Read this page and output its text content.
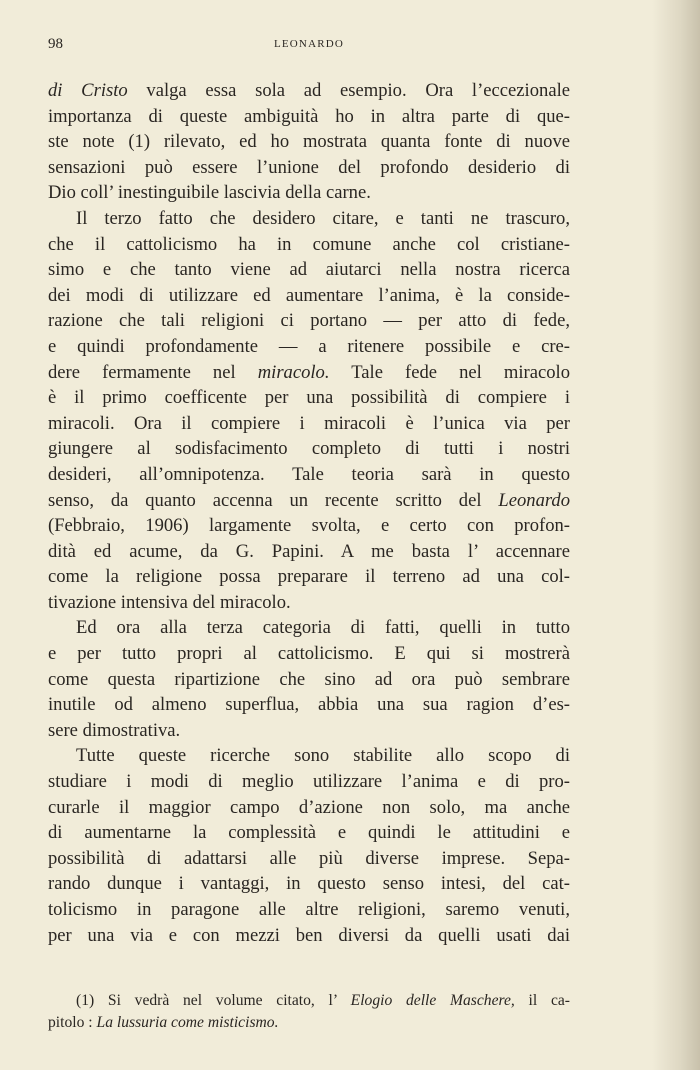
98	LEONARDO
di Cristo valga essa sola ad esempio. Ora l’eccezionale
importanza di queste ambiguità ho in altra parte di que-
ste note (1) rilevato, ed ho mostrata quanta fonte di nuove
sensazioni può essere l’unione del profondo desiderio di
Dio coll’ inestinguibile lascivia della carne.
Il terzo fatto che desidero citare, e tanti ne trascuro,
che il cattolicismo ha in comune anche col cristiane-
simo e che tanto viene ad aiutarci nella nostra ricerca
dei modi di utilizzare ed aumentare l’anima, è la conside-
razione che tali religioni ci portano — per atto di fede,
e quindi profondamente — a ritenere possibile e cre-
dere fermamente nel miracolo. Tale fede nel miracolo
è il primo coefficente per una possibilità di compiere i
miracoli. Ora il compiere i miracoli è l’unica via per
giungere al sodisfacimento completo di tutti i nostri
desideri, all’omnipotenza. Tale teoria sarà in questo
senso, da quanto accenna un recente scritto del Leonardo
(Febbraio, 1906) largamente svolta, e certo con profon-
dità ed acume, da G. Papini. A me basta l’ accennare
come la religione possa preparare il terreno ad una col-
tivazione intensiva del miracolo.
Ed ora alla terza categoria di fatti, quelli in tutto
e per tutto propri al cattolicismo. E qui si mostrerà
come questa ripartizione che sino ad ora può sembrare
inutile od almeno superflua, abbia una sua ragion d’es-
sere dimostrativa.
Tutte queste ricerche sono stabilite allo scopo di
studiare i modi di meglio utilizzare l’anima e di pro-
curarle il maggior campo d’azione non solo, ma anche
di aumentarne la complessità e quindi le attitudini e
possibilità di adattarsi alle più diverse imprese. Sepa-
rando dunque i vantaggi, in questo senso intesi, del cat-
tolicismo in paragone alle altre religioni, saremo venuti,
per una via e con mezzi ben diversi da quelli usati dai
(1) Si vedrà nel volume citato, l’ Elogio delle Maschere, il ca-
pitolo : La lussuria come misticismo.
